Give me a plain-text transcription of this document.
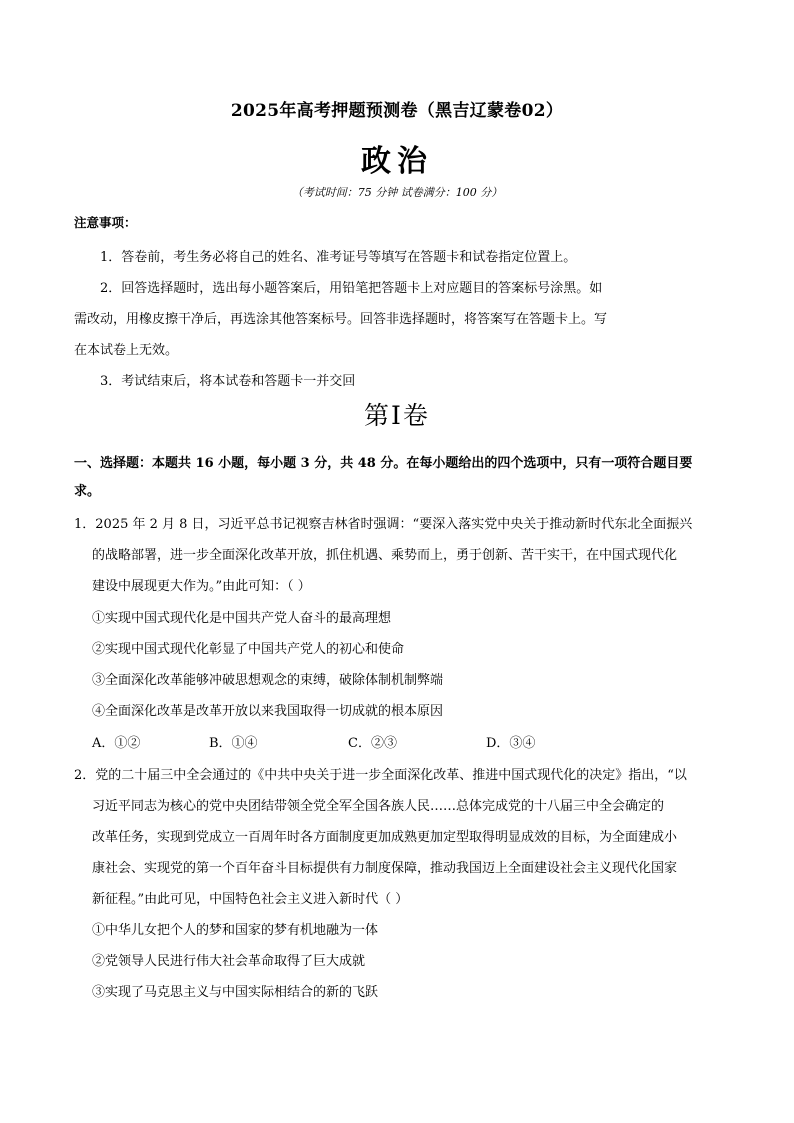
2025年高考押题预测卷（黑吉辽蒙卷02）
政治
（考试时间：75 分钟 试卷满分：100 分）
注意事项：
1．答卷前，考生务必将自己的姓名、准考证号等填写在答题卡和试卷指定位置上。
2．回答选择题时，选出每小题答案后，用铅笔把答题卡上对应题目的答案标号涂黑。如
需改动，用橡皮擦干净后，再选涂其他答案标号。回答非选择题时，将答案写在答题卡上。写
在本试卷上无效。
3．考试结束后，将本试卷和答题卡一并交回
第Ⅰ卷
一、选择题：本题共 16 小题，每小题 3 分，共 48 分。在每小题给出的四个选项中，只有一项符合题目要
求。
1．2025 年 2 月 8 日，习近平总书记视察吉林省时强调：“要深入落实党中央关于推动新时代东北全面振兴
的战略部署，进一步全面深化改革开放，抓住机遇、乘势而上，勇于创新、苦干实干，在中国式现代化
建设中展现更大作为。”由此可知：（ ）
①实现中国式现代化是中国共产党人奋斗的最高理想
②实现中国式现代化彰显了中国共产党人的初心和使命
③全面深化改革能够冲破思想观念的束缚，破除体制机制弊端
④全面深化改革是改革开放以来我国取得一切成就的根本原因
A．①②	B．①④	C．②③	D．③④
2．党的二十届三中全会通过的《中共中央关于进一步全面深化改革、推进中国式现代化的决定》指出，“以
习近平同志为核心的党中央团结带领全党全军全国各族人民……总体完成党的十八届三中全会确定的
改革任务，实现到党成立一百周年时各方面制度更加成熟更加定型取得明显成效的目标，为全面建成小
康社会、实现党的第一个百年奋斗目标提供有力制度保障，推动我国迈上全面建设社会主义现代化国家
新征程。”由此可见，中国特色社会主义进入新时代（ ）
①中华儿女把个人的梦和国家的梦有机地融为一体
②党领导人民进行伟大社会革命取得了巨大成就
③实现了马克思主义与中国实际相结合的新的飞跃
